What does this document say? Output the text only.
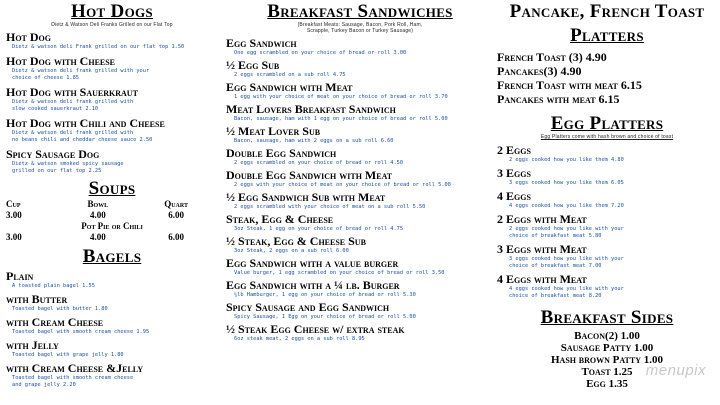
Hot Dogs
Dietz & Watson Deli Franks Grilled on our Flat Top
Hot Dog
Dietz & watson deli Frank grilled on our flat top 1.50
Hot Dog with Cheese
Dietz & watson deli frank grilled with your
choice of cheese 1.85
Hot Dog with Sauerkraut
Dietz & watson deli frank grilled with
slow cooked sauerkraut 2.10
Hot Dog with Chili and Cheese
Dietz & watson deli frank grilled with
no beans chili and cheddar cheese sauce 2.50
Spicy Sausage Dog
Dietz & watson smoked spicy sausage
grilled on our flat top 2.25
Soups
Cup	Bowl	Quart
3.00	4.00	6.00
Pot Pie or Chili		
3.00	4.00	6.00
Bagels
Plain
A toasted plain bagel 1.55
with Butter
Toasted bagel with butter 1.80
with Cream Cheese
Toasted bagel with smooth cream cheese 1.95
with Jelly
Toasted bagel with grape jelly 1.80
with Cream Cheese &Jelly
Toasted bagel with smooth cream cheese
and grape jelly 2.20
Breakfast Sandwiches
(Breakfast Meats: Sausage, Bacon, Pork Roll, Ham,
Scrapple, Turkey Bacon or Turkey Sausage)
Egg Sandwich
One egg scrambled on your choice of bread or roll 3.00
½ Egg Sub
2 eggs scrambled on a sub roll 4.75
Egg Sandwich with Meat
1 egg with your choice of meat on your choice of bread or roll 3.70
Meat Lovers Breakfast Sandwich
Bacon, sausage, ham with 1 egg on your choice of bread or roll 5.00
½ Meat Lover Sub
Bacon, sausage, ham with 2 eggs on a sub roll 6.60
Double Egg Sandwich
2 eggs scrambled on your choice of bread or roll 4.50
Double Egg Sandwich with Meat
2 eggs with your choice of meat on your choice of bread or roll 5.00
½ Egg Sandwich Sub with Meat
2 eggs scrambled with your choice of meat on a sub roll 5.50
Steak, Egg & Cheese
3oz Steak, 1 egg on your choice of bread or roll 4.75
½ Steak, Egg & Cheese Sub
3oz Steak, 2 eggs on a sub roll 6.00
Egg Sandwich with a value burger
Value burger, 1 egg scrambled on your choice of bread or roll 3.50
Egg Sandwich with a ¼ lb. Burger
¼lb Hamburger, 1 egg on your choice of bread or roll 5.30
Spicy Sausage and Egg Sandwich
Spicy Sausage, 1 Egg on your choice of bread or roll 5.00
½ Steak Egg Cheese w/ extra steak
6oz steak meat, 2 eggs on a sub roll 8.95
Pancake, French Toast
Platters
French Toast (3) 4.90
Pancakes(3) 4.90
French Toast with meat 6.15
Pancakes with meat 6.15
Egg Platters
Egg Platters come with hash brown and choice of toast
2 Eggs
2 eggs cooked how you like them 4.80
3 Eggs
3 eggs cooked how you like them 6.05
4 Eggs
4 eggs cooked how you like them 7.20
2 Eggs with Meat
2 eggs cooked how you like with your
choice of breakfast meat 5.80
3 Eggs with Meat
3 eggs cooked how you like with your
choice of breakfast meat 7.00
4 Eggs with Meat
4 eggs cooked how you like with your
choice of breakfast meat 8.20
Breakfast Sides
Bacon(2) 1.00
Sausage Patty 1.00
Hash brown Patty 1.00
Toast 1.25
Egg 1.35
menupix
